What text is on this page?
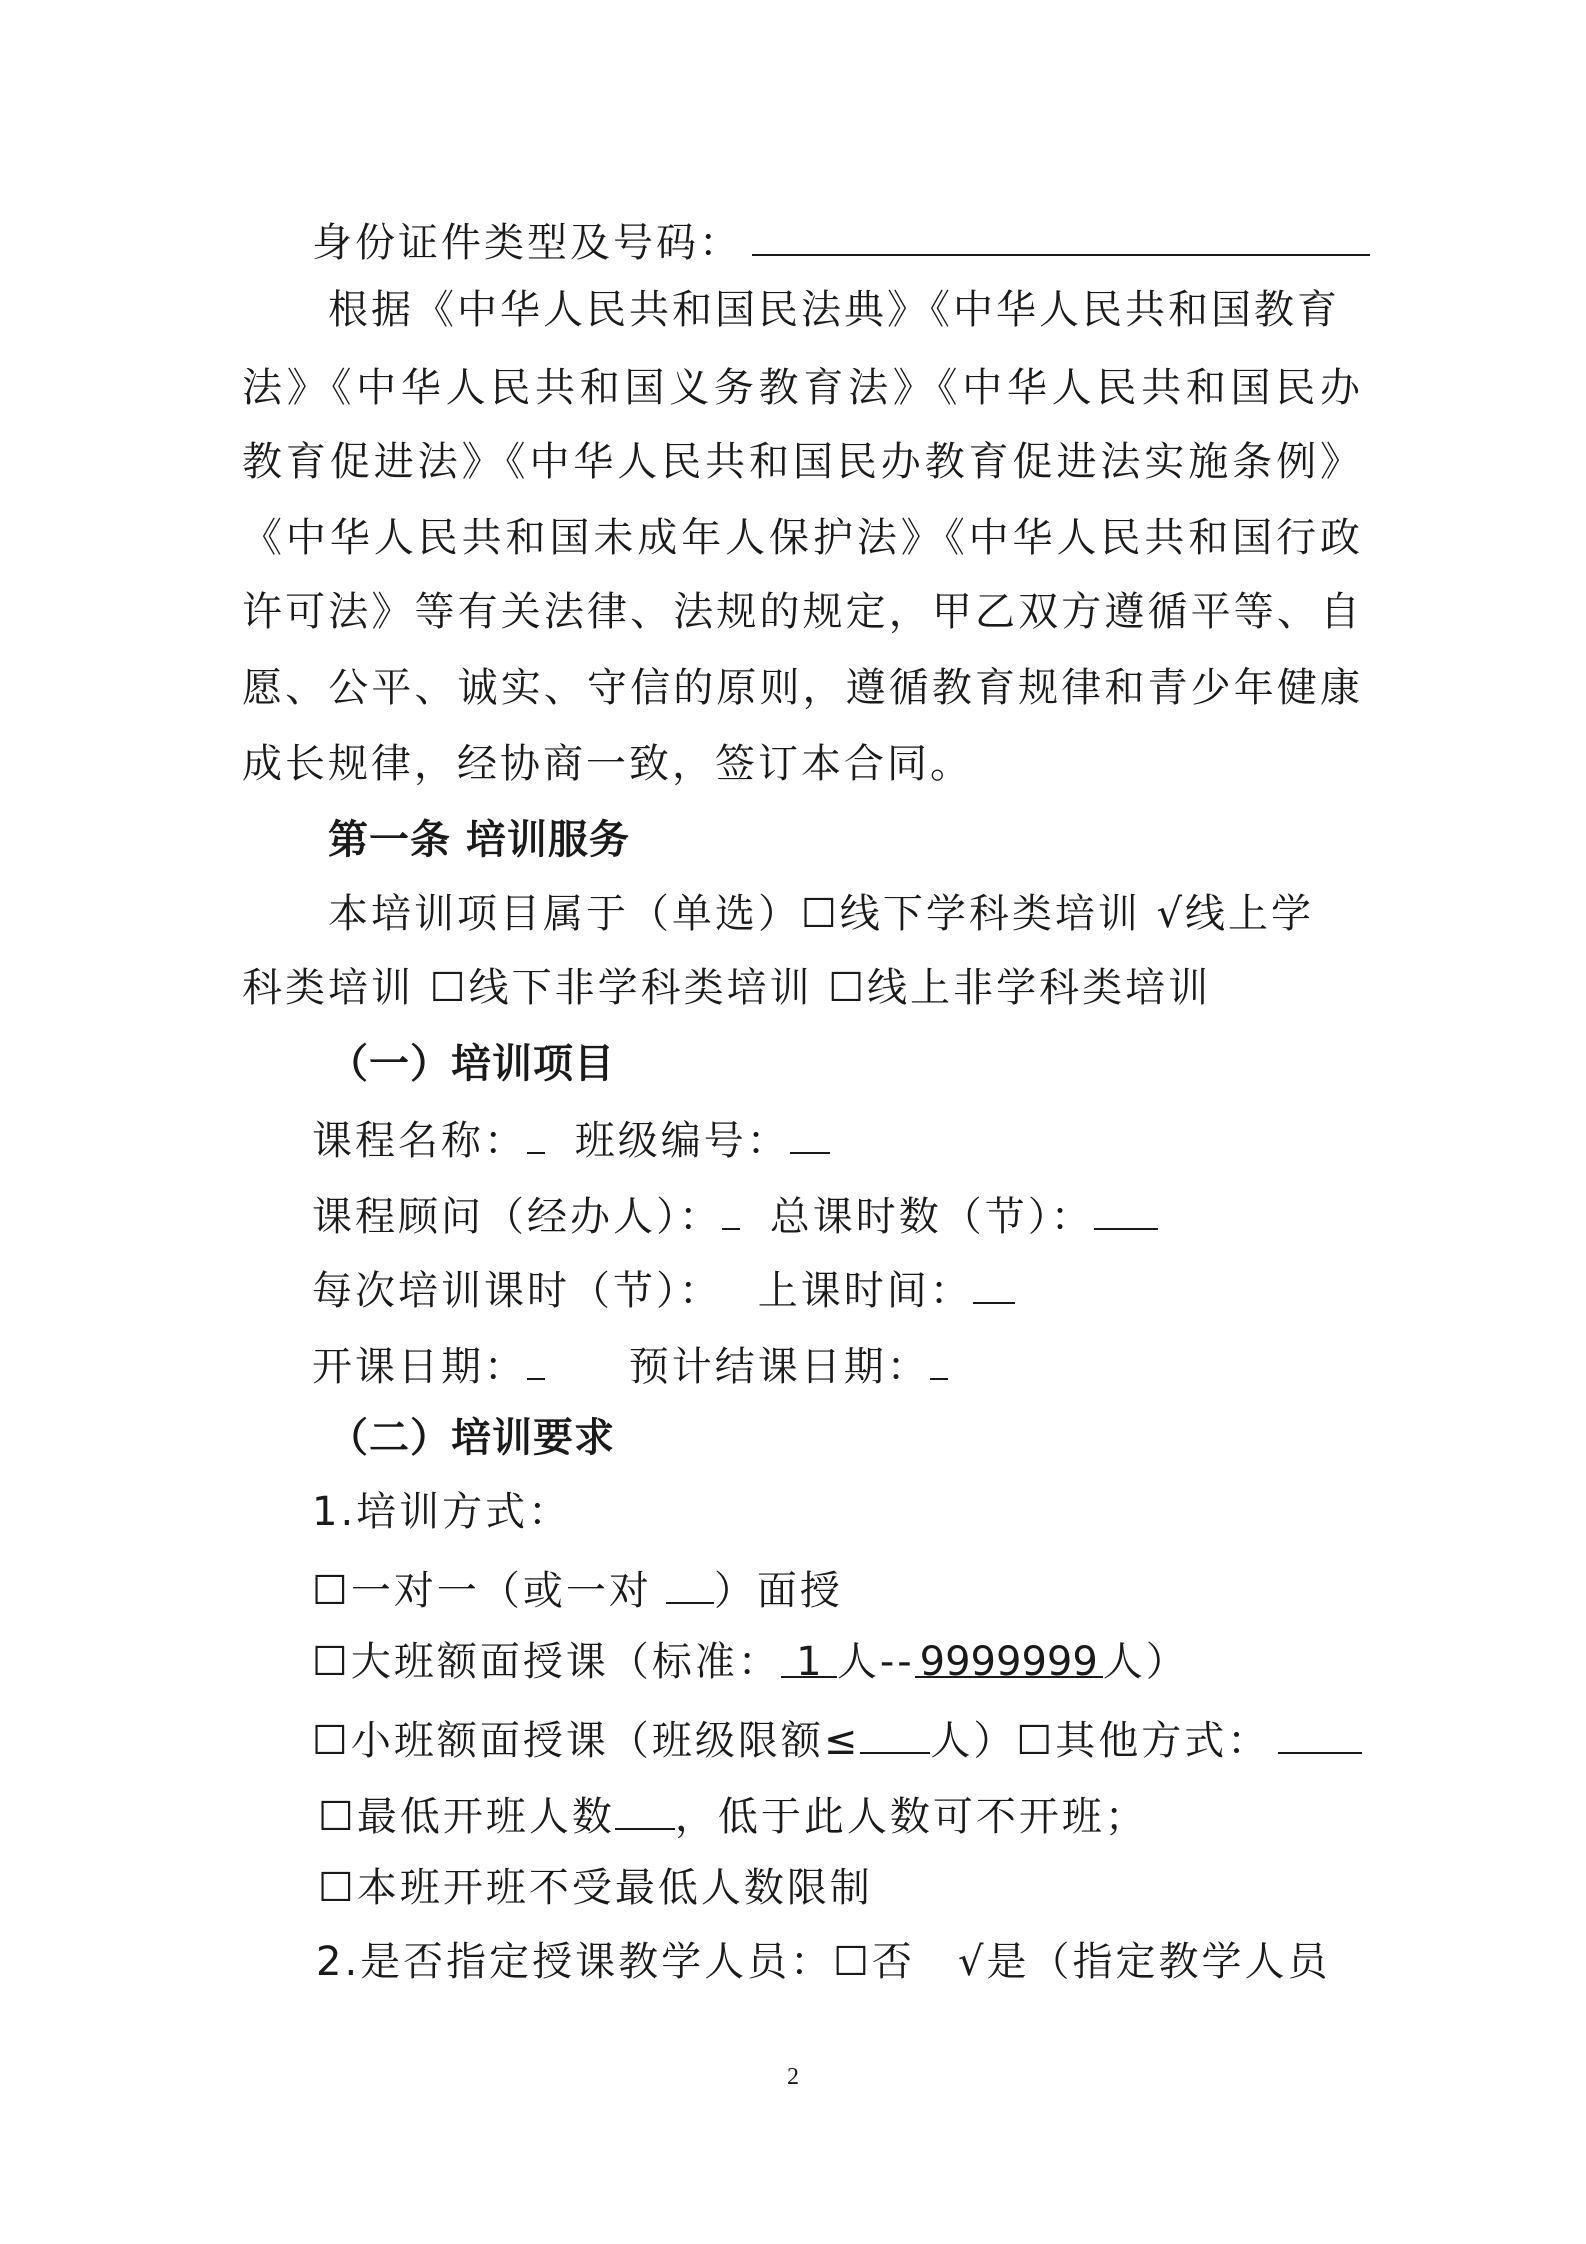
身份证件类型及号码：
根据《中华人民共和国民法典》《中华人民共和国教育
法》《中华人民共和国义务教育法》《中华人民共和国民办
教育促进法》《中华人民共和国民办教育促进法实施条例》
《中华人民共和国未成年人保护法》《中华人民共和国行政
许可法》等有关法律、法规的规定，甲乙双方遵循平等、自
愿、公平、诚实、守信的原则，遵循教育规律和青少年健康
成长规律，经协商一致，签订本合同。
第一条 培训服务
本培训项目属于（单选）☐线下学科类培训 √线上学
科类培训 ☐线下非学科类培训 ☐线上非学科类培训
（一）培训项目
课程名称： 班级编号：
课程顾问（经办人）： 总课时数（节）：
每次培训课时（节）： 上课时间：
开课日期：	预计结课日期：
（二）培训要求
1.培训方式：
☐一对一（或一对 ）面授
☐大班额面授课（标准： 1 人-- 9999999 人）
☐小班额面授课（班级限额≤ 人）☐其他方式：
☐最低开班人数 ，低于此人数可不开班；
☐本班开班不受最低人数限制
2.是否指定授课教学人员：☐否　√是（指定教学人员
2
